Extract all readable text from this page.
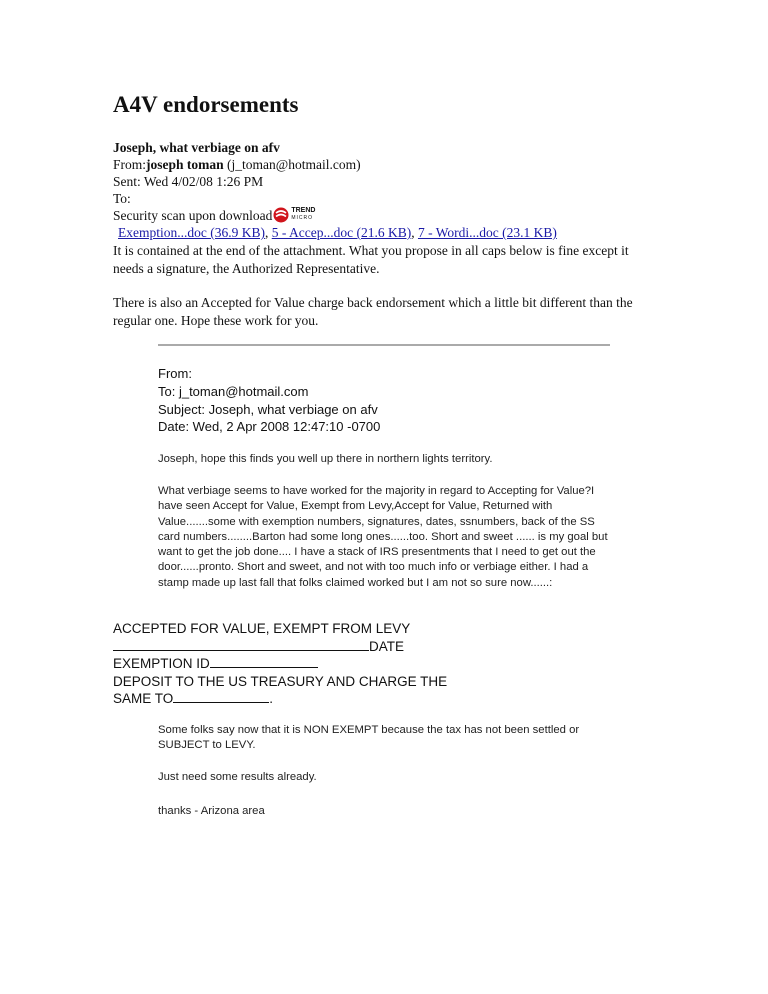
A4V endorsements
Joseph, what verbiage on afv
From:joseph toman (j_toman@hotmail.com)
Sent: Wed 4/02/08 1:26 PM
To:
Security scan upon download	TREND
MICRO
Exemption...doc (36.9 KB), 5 - Accep...doc (21.6 KB), 7 - Wordi...doc (23.1 KB)

It is contained at the end of the attachment. What you propose in all caps below is fine except it needs a signature, the Authorized Representative.

There is also an Accepted for Value charge back endorsement which a little bit different than the regular one. Hope these work for you.

From:
To: j_toman@hotmail.com
Subject: Joseph, what verbiage on afv
Date: Wed, 2 Apr 2008 12:47:10 -0700
Joseph, hope this finds you well up there in northern lights territory.

What verbiage seems to have worked for the majority in regard to Accepting for Value?I have seen Accept for Value, Exempt from Levy,Accept for Value, Returned with Value.......some with exemption numbers, signatures, dates, ssnumbers, back of the SS card numbers........Barton had some long ones......too. Short and sweet ...... is my goal but want to get the job done.... I have a stack of IRS presentments that I need to get out the door......pronto. Short and sweet, and not with too much info or verbiage either. I had a stamp made up last fall that folks claimed worked but I am not so sure now......:

ACCEPTED FOR VALUE, EXEMPT FROM LEVY
DATE
EXEMPTION ID
DEPOSIT TO THE US TREASURY AND CHARGE THE
SAME TO	.

Some folks say now that it is NON EXEMPT because the tax has not been settled or SUBJECT to LEVY.

Just need some results already.
thanks - Arizona area
